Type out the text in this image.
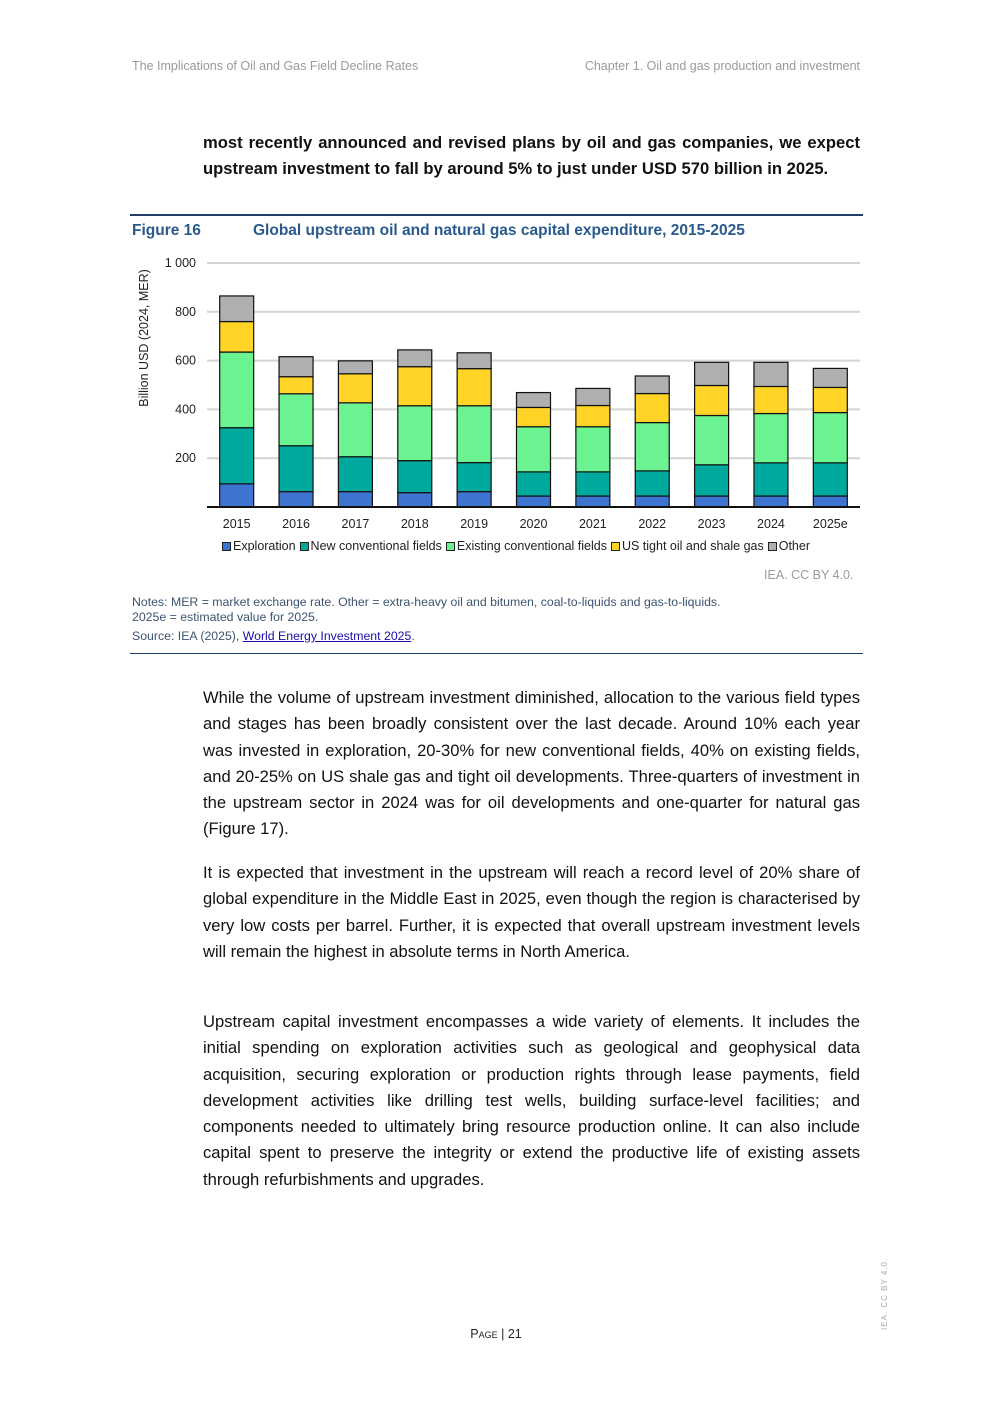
The Implications of Oil and Gas Field Decline Rates	Chapter 1. Oil and gas production and investment

most recently announced and revised plans by oil and gas companies, we expect upstream investment to fall by around 5% to just under USD 570 billion in 2025.

Figure 16	Global upstream oil and natural gas capital expenditure, 2015-2025
200
400
600
800
1 000
Billion USD (2024, MER)
2015	2016	2017	2018	2019	2020	2021	2022	2023	2024 2025e
Exploration New conventional fields Existing conventional fields US tight oil and shale gas Other
IEA. CC BY 4.0.
Notes: MER = market exchange rate. Other = extra-heavy oil and bitumen, coal-to-liquids and gas-to-liquids.
2025e = estimated value for 2025.
Source: IEA (2025), World Energy Investment 2025.

While the volume of upstream investment diminished, allocation to the various field types and stages has been broadly consistent over the last decade. Around 10% each year was invested in exploration, 20-30% for new conventional fields, 40% on existing fields, and 20-25% on US shale gas and tight oil developments. Three-quarters of investment in the upstream sector in 2024 was for oil developments and one-quarter for natural gas (Figure 17).

It is expected that investment in the upstream will reach a record level of 20% share of global expenditure in the Middle East in 2025, even though the region is characterised by very low costs per barrel. Further, it is expected that overall upstream investment levels will remain the highest in absolute terms in North America.

Upstream capital investment encompasses a wide variety of elements. It includes the initial spending on exploration activities such as geological and geophysical data acquisition, securing exploration or production rights through lease payments, field development activities like drilling test wells, building surface-level facilities; and components needed to ultimately bring resource production online. It can also include capital spent to preserve the integrity or extend the productive life of existing assets through refurbishments and upgrades.

Page | 21
IEA. CC BY 4.0.
